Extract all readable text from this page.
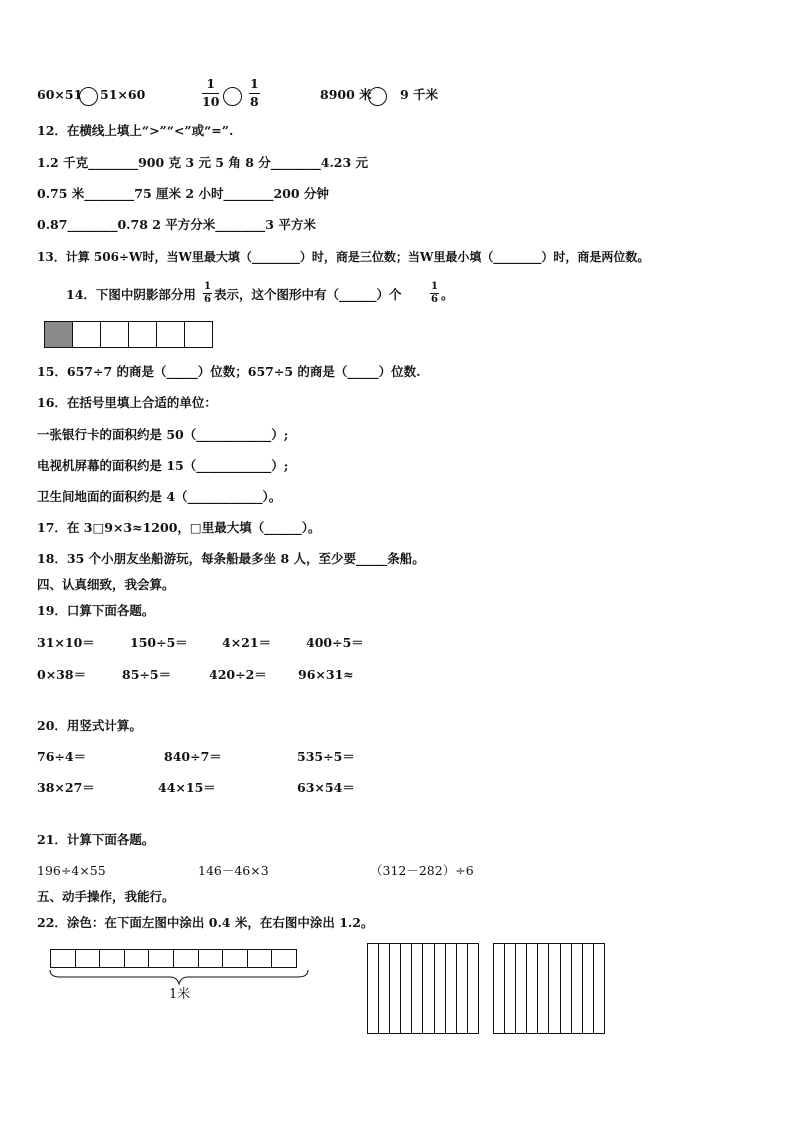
60×51 51×60	$\frac{1}{10} \frac{1}{8}$	8900 米 9 千米
12．在横线上填上“>”“<”或“=”.
1.2 千克________900 克 3 元 5 角 8 分________4.23 元
0.75 米________75 厘米 2 小时________200 分钟
0.87________0.78 2 平方分米________3 平方米
13．计算 506÷W时，当W里最大填（________）时，商是三位数；当W里最小填（________）时，商是两位数。
14．下图中阴影部分用 $\frac{1}{6}$ 表示，这个图形中有（______）个	$\frac{1}{6}$ 。
15．657÷7 的商是（_____）位数；657÷5 的商是（_____）位数.
16．在括号里填上合适的单位：
一张银行卡的面积约是 50（____________）;
电视机屏幕的面积约是 15（____________）;
卫生间地面的面积约是 4（____________）。
17．在 3□9×3≈1200，□里最大填（______）。
18．35 个小朋友坐船游玩，每条船最多坐 8 人，至少要_____条船。
四、认真细致，我会算。
19．口算下面各题。
31×10＝	150÷5＝	4×21＝	400÷5＝
0×38＝	85÷5＝	420÷2＝ 96×31≈
20．用竖式计算。
76÷4＝	840÷7＝	535÷5＝
38×27＝	44×15＝	63×54＝
21．计算下面各题。
196÷4×55	146－46×3	（312－282）÷6
五、动手操作，我能行。
22．涂色：在下面左图中涂出 0.4 米，在右图中涂出 1.2。
1米
